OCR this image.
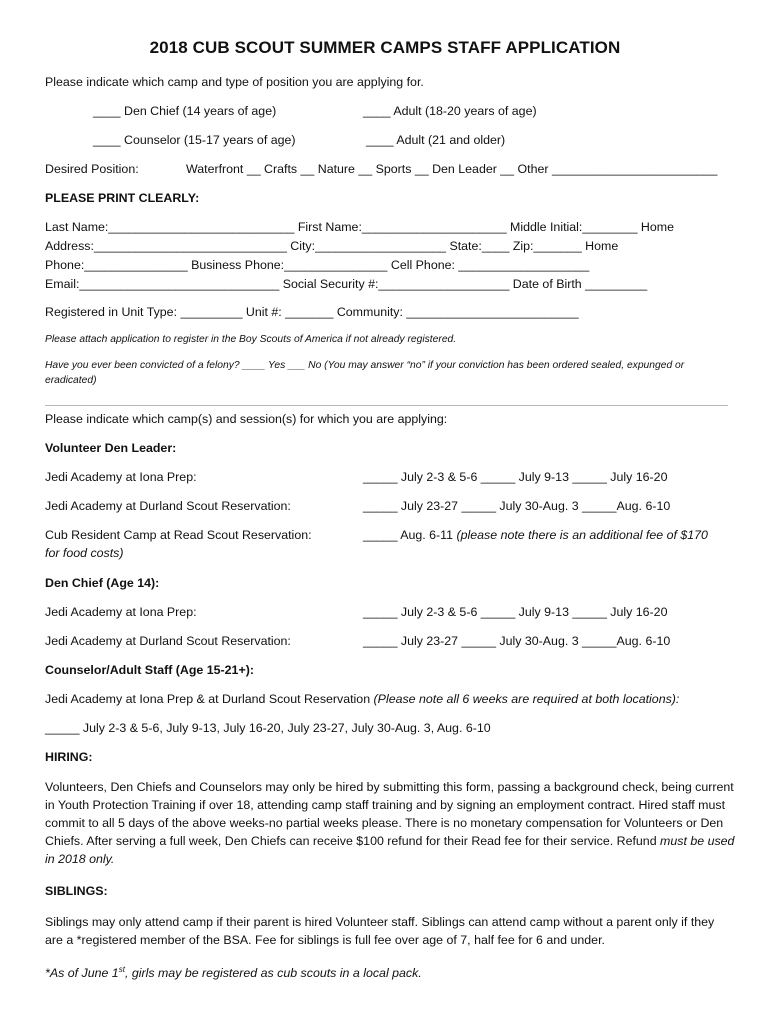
2018 CUB SCOUT SUMMER CAMPS STAFF APPLICATION
Please indicate which camp and type of position you are applying for.
____ Den Chief (14 years of age)	____ Adult (18-20 years of age)
____ Counselor (15-17 years of age)	____ Adult (21 and older)
Desired Position:	Waterfront __ Crafts __ Nature __ Sports __ Den Leader __ Other ________________________
PLEASE PRINT CLEARLY:
Last Name:___________________________ First Name:_____________________ Middle Initial:________ Home
Address:____________________________ City:___________________ State:____ Zip:_______ Home
Phone:_______________ Business Phone:_______________ Cell Phone: ___________________
Email:_____________________________ Social Security #:___________________ Date of Birth _________
Registered in Unit Type: _________ Unit #: _______ Community: _________________________
Please attach application to register in the Boy Scouts of America if not already registered.
Have you ever been convicted of a felony? ____ Yes ___ No (You may answer “no” if your conviction has been ordered sealed, expunged or
eradicated)
Please indicate which camp(s) and session(s) for which you are applying:
Volunteer Den Leader:
Jedi Academy at Iona Prep:	_____ July 2-3 & 5-6 _____ July 9-13 _____ July 16-20
Jedi Academy at Durland Scout Reservation:	_____ July 23-27 _____ July 30-Aug. 3 _____Aug. 6-10
Cub Resident Camp at Read Scout Reservation:	_____ Aug. 6-11 (please note there is an additional fee of $170
for food costs)
Den Chief (Age 14):
Jedi Academy at Iona Prep:	_____ July 2-3 & 5-6 _____ July 9-13 _____ July 16-20
Jedi Academy at Durland Scout Reservation:	_____ July 23-27 _____ July 30-Aug. 3 _____Aug. 6-10
Counselor/Adult Staff (Age 15-21+):
Jedi Academy at Iona Prep & at Durland Scout Reservation (Please note all 6 weeks are required at both locations):
_____ July 2-3 & 5-6, July 9-13, July 16-20, July 23-27, July 30-Aug. 3, Aug. 6-10
HIRING:
Volunteers, Den Chiefs and Counselors may only be hired by submitting this form, passing a background check, being current in Youth Protection Training if over 18, attending camp staff training and by signing an employment contract. Hired staff must commit to all 5 days of the above weeks-no partial weeks please. There is no monetary compensation for Volunteers or Den Chiefs. After serving a full week, Den Chiefs can receive $100 refund for their Read fee for their service. Refund must be used in 2018 only.
SIBLINGS:
Siblings may only attend camp if their parent is hired Volunteer staff. Siblings can attend camp without a parent only if they are a *registered member of the BSA. Fee for siblings is full fee over age of 7, half fee for 6 and under.
*As of June 1st, girls may be registered as cub scouts in a local pack.
